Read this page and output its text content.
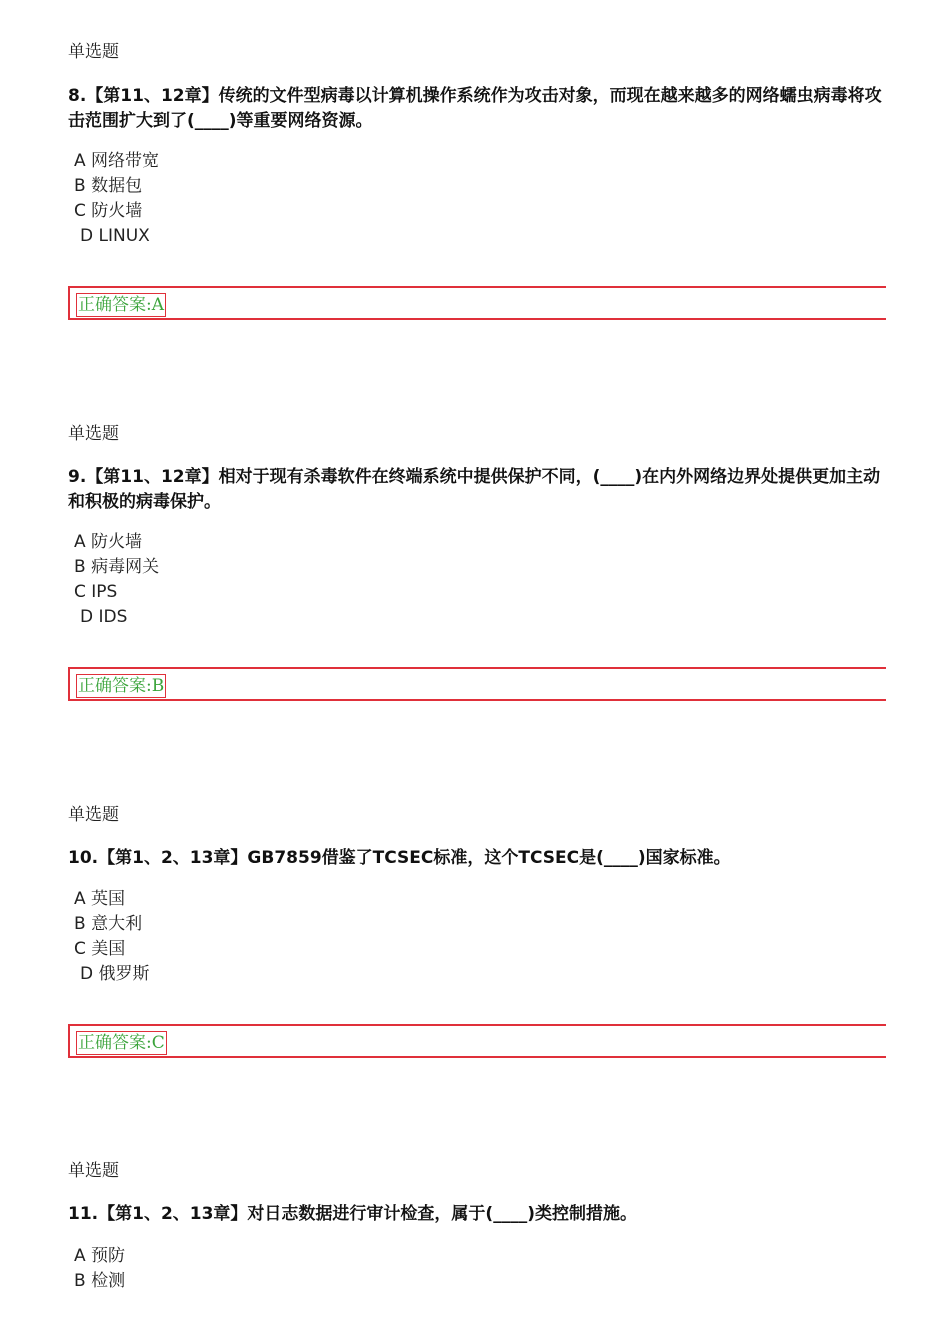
单选题
8.【第11、12章】传统的文件型病毒以计算机操作系统作为攻击对象，而现在越来越多的网络蠕虫病毒将攻击范围扩大到了(____)等重要网络资源。
A 网络带宽
B 数据包
C 防火墙
D LINUX
正确答案:A
单选题
9.【第11、12章】相对于现有杀毒软件在终端系统中提供保护不同，(____)在内外网络边界处提供更加主动和积极的病毒保护。
A 防火墙
B 病毒网关
C IPS
D IDS
正确答案:B
单选题
10.【第1、2、13章】GB7859借鉴了TCSEC标准，这个TCSEC是(____)国家标准。
A 英国
B 意大利
C 美国
D 俄罗斯
正确答案:C
单选题
11.【第1、2、13章】对日志数据进行审计检查，属于(____)类控制措施。
A 预防
B 检测
